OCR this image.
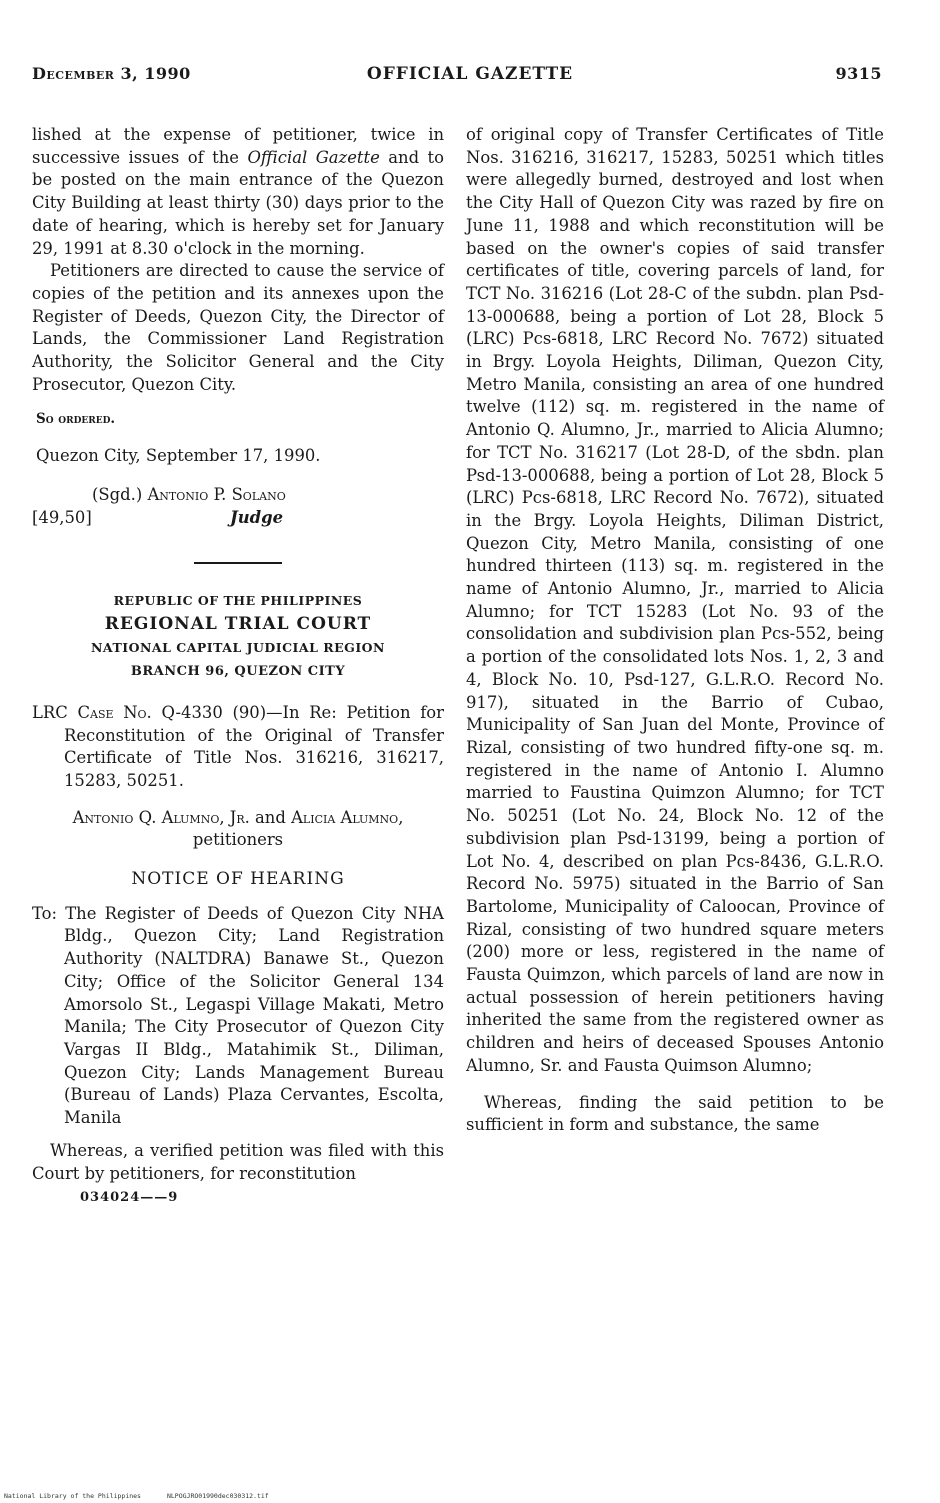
December 3, 1990	OFFICIAL GAZETTE	9315

lished at the expense of petitioner, twice in successive issues of the Official Gazette and to be posted on the main entrance of the Quezon City Building at least thirty (30) days prior to the date of hearing, which is hereby set for January 29, 1991 at 8.30 o'clock in the morning.

Petitioners are directed to cause the service of copies of the petition and its annexes upon the Register of Deeds, Quezon City, the Director of Lands, the Commissioner Land Registration Authority, the Solicitor General and the City Prosecutor, Quezon City.

So ordered.

Quezon City, September 17, 1990.

(Sgd.) Antonio P. Solano
[49,50]	Judge
REPUBLIC OF THE PHILIPPINES
REGIONAL TRIAL COURT
NATIONAL CAPITAL JUDICIAL REGION
BRANCH 96, QUEZON CITY

LRC Case No. Q-4330 (90)—In Re: Petition for Reconstitution of the Original of Transfer Certificate of Title Nos. 316216, 316217, 15283, 50251.

Antonio Q. Alumno, Jr. and Alicia Alumno, petitioners
NOTICE OF HEARING

To: The Register of Deeds of Quezon City NHA Bldg., Quezon City; Land Registration Authority (NALTDRA) Banawe St., Quezon City; Office of the Solicitor General 134 Amorsolo St., Legaspi Village Makati, Metro Manila; The City Prosecutor of Quezon City Vargas II Bldg., Matahimik St., Diliman, Quezon City; Lands Management Bureau (Bureau of Lands) Plaza Cervantes, Escolta, Manila

Whereas, a verified petition was filed with this Court by petitioners, for reconstitution

034024——9

of original copy of Transfer Certificates of Title Nos. 316216, 316217, 15283, 50251 which titles were allegedly burned, destroyed and lost when the City Hall of Quezon City was razed by fire on June 11, 1988 and which reconstitution will be based on the owner's copies of said transfer certificates of title, covering parcels of land, for TCT No. 316216 (Lot 28-C of the subdn. plan Psd-13-000688, being a portion of Lot 28, Block 5 (LRC) Pcs-6818, LRC Record No. 7672) situated in Brgy. Loyola Heights, Diliman, Quezon City, Metro Manila, consisting an area of one hundred twelve (112) sq. m. registered in the name of Antonio Q. Alumno, Jr., married to Alicia Alumno; for TCT No. 316217 (Lot 28-D, of the sbdn. plan Psd-13-000688, being a portion of Lot 28, Block 5 (LRC) Pcs-6818, LRC Record No. 7672), situated in the Brgy. Loyola Heights, Diliman District, Quezon City, Metro Manila, consisting of one hundred thirteen (113) sq. m. registered in the name of Antonio Alumno, Jr., married to Alicia Alumno; for TCT 15283 (Lot No. 93 of the consolidation and subdivision plan Pcs-552, being a portion of the consolidated lots Nos. 1, 2, 3 and 4, Block No. 10, Psd-127, G.L.R.O. Record No. 917), situated in the Barrio of Cubao, Municipality of San Juan del Monte, Province of Rizal, consisting of two hundred fifty-one sq. m. registered in the name of Antonio I. Alumno married to Faustina Quimzon Alumno; for TCT No. 50251 (Lot No. 24, Block No. 12 of the subdivision plan Psd-13199, being a portion of Lot No. 4, described on plan Pcs-8436, G.L.R.O. Record No. 5975) situated in the Barrio of San Bartolome, Municipality of Caloocan, Province of Rizal, consisting of two hundred square meters (200) more or less, registered in the name of Fausta Quimzon, which parcels of land are now in actual possession of herein petitioners having inherited the same from the registered owner as children and heirs of deceased Spouses Antonio Alumno, Sr. and Fausta Quimson Alumno;

Whereas, finding the said petition to be sufficient in form and substance, the same

National Library of the Philippines	NLPOGJRO01990dec030312.tif
